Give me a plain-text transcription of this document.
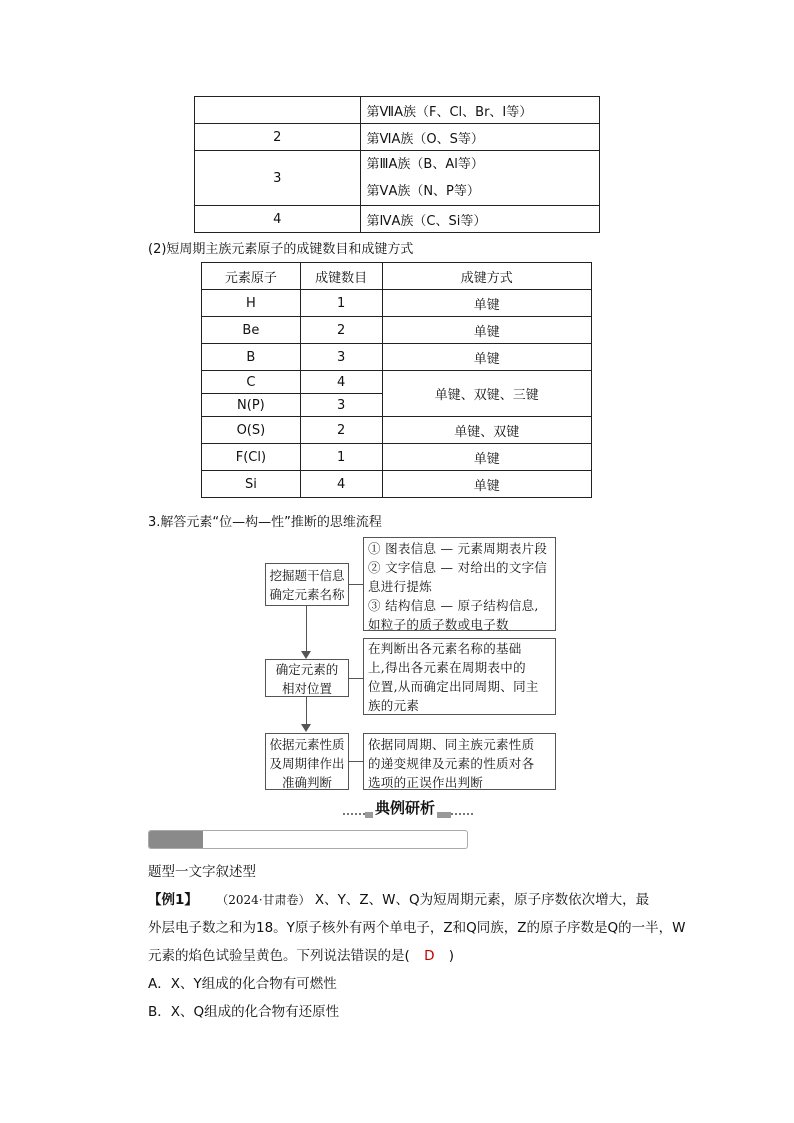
	第ⅦA族（F、Cl、Br、I等）
2	第ⅥA族（O、S等）
3	第ⅢA族（B、Al等）
第ⅤA族（N、P等）

4	第ⅣA族（C、Si等）
(2)短周期主族元素原子的成键数目和成键方式
元素原子	成键数目	成键方式
H	1	单键
Be	2	单键
B	3	单键
C	4	单键、双键、三键
N(P)	3	
O(S)	2	单键、双键
F(Cl)	1	单键
Si	4	单键
3.解答元素“位—构—性”推断的思维流程
挖掘题干信息
确定元素名称
① 图表信息 — 元素周期表片段
② 文字信息 — 对给出的文字信
息进行提炼
③ 结构信息 — 原子结构信息,
如粒子的质子数或电子数
确定元素的
相对位置
在判断出各元素名称的基础
上,得出各元素在周期表中的
位置,从而确定出同周期、同主
族的元素
依据元素性质
及周期律作出
准确判断
依据同周期、同主族元素性质
的递变规律及元素的性质对各
选项的正误作出判断
典例研析
题型一文字叙述型
【例1】 （2024·甘肃卷） X、Y、Z、W、Q为短周期元素，原子序数依次增大，最
外层电子数之和为18。Y原子核外有两个单电子，Z和Q同族，Z的原子序数是Q的一半，W
元素的焰色试验呈黄色。下列说法错误的是( D )
A．X、Y组成的化合物有可燃性
B．X、Q组成的化合物有还原性
